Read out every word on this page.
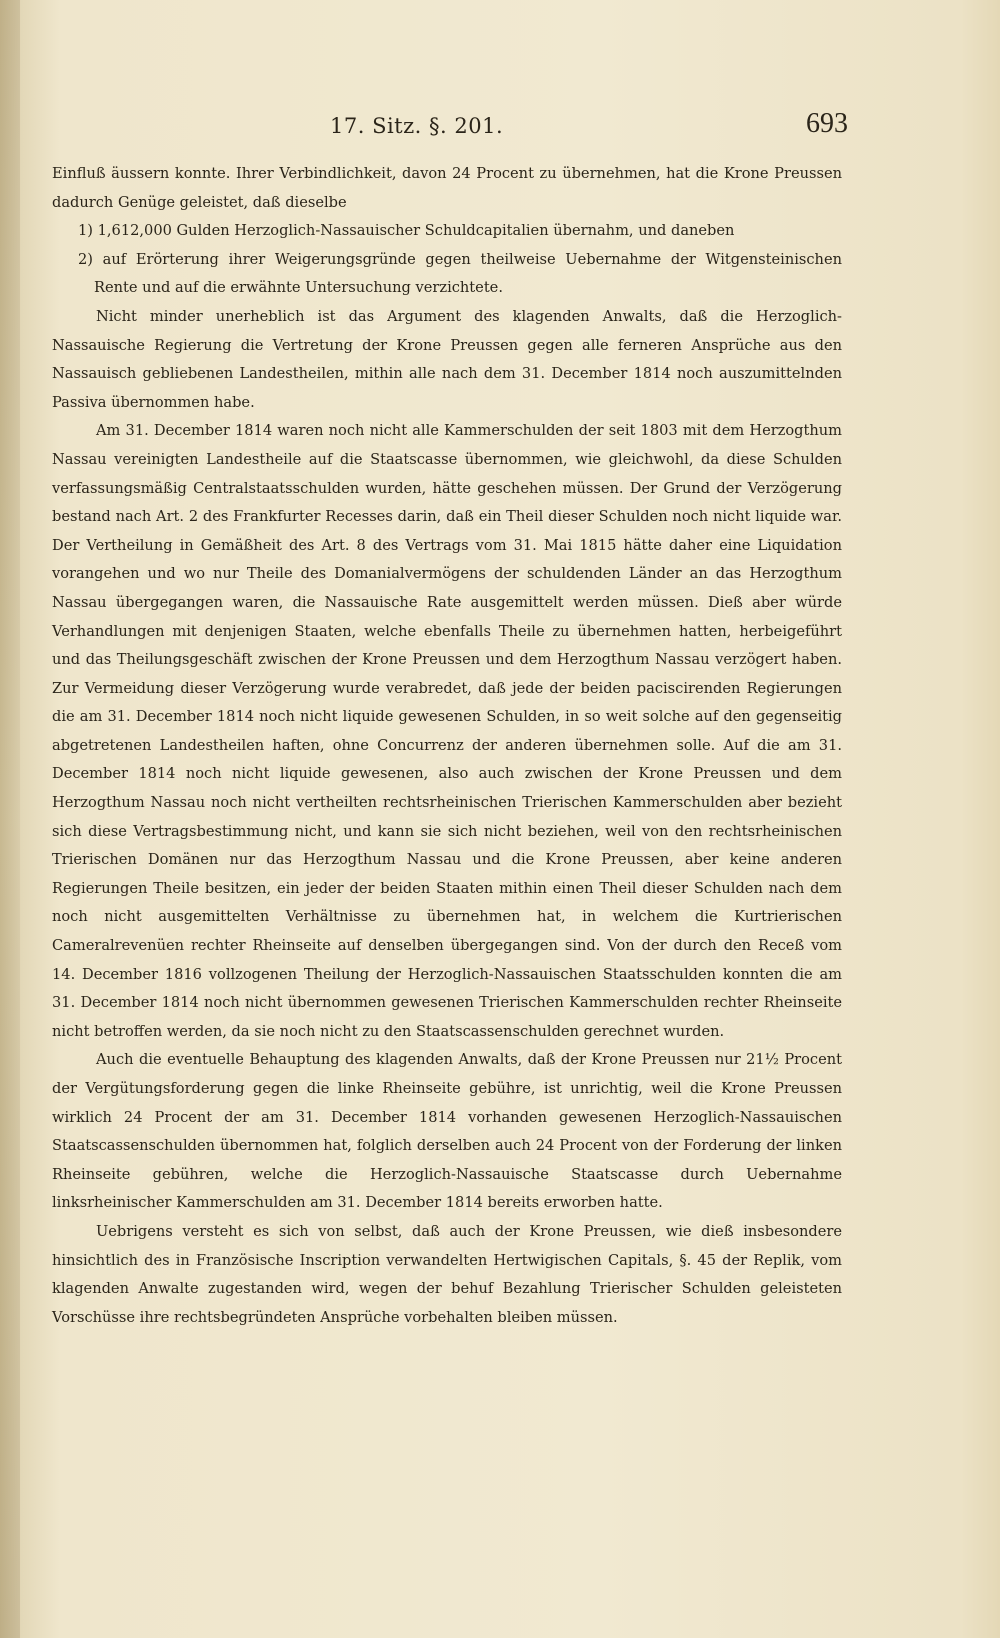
17. Sitz. §. 201.	693

Einfluß äussern konnte. Ihrer Verbindlichkeit, davon 24 Procent zu übernehmen, hat die Krone Preussen dadurch Genüge geleistet, daß dieselbe

1) 1,612,000 Gulden Herzoglich-Nassauischer Schuldcapitalien übernahm, und daneben

2) auf Erörterung ihrer Weigerungsgründe gegen theilweise Uebernahme der Witgensteinischen Rente und auf die erwähnte Untersuchung verzichtete.

Nicht minder unerheblich ist das Argument des klagenden Anwalts, daß die Herzoglich-Nassauische Regierung die Vertretung der Krone Preussen gegen alle ferneren Ansprüche aus den Nassauisch gebliebenen Landestheilen, mithin alle nach dem 31. December 1814 noch auszumittelnden Passiva übernommen habe.

Am 31. December 1814 waren noch nicht alle Kammerschulden der seit 1803 mit dem Herzogthum Nassau vereinigten Landestheile auf die Staatscasse übernommen, wie gleichwohl, da diese Schulden verfassungsmäßig Centralstaatsschulden wurden, hätte geschehen müssen. Der Grund der Verzögerung bestand nach Art. 2 des Frankfurter Recesses darin, daß ein Theil dieser Schulden noch nicht liquide war. Der Vertheilung in Gemäßheit des Art. 8 des Vertrags vom 31. Mai 1815 hätte daher eine Liquidation vorangehen und wo nur Theile des Domanialvermögens der schuldenden Länder an das Herzogthum Nassau übergegangen waren, die Nassauische Rate ausgemittelt werden müssen. Dieß aber würde Verhandlungen mit denjenigen Staaten, welche ebenfalls Theile zu übernehmen hatten, herbeigeführt und das Theilungsgeschäft zwischen der Krone Preussen und dem Herzogthum Nassau verzögert haben. Zur Vermeidung dieser Verzögerung wurde verabredet, daß jede der beiden paciscirenden Regierungen die am 31. December 1814 noch nicht liquide gewesenen Schulden, in so weit solche auf den gegenseitig abgetretenen Landestheilen haften, ohne Concurrenz der anderen übernehmen solle. Auf die am 31. December 1814 noch nicht liquide gewesenen, also auch zwischen der Krone Preussen und dem Herzogthum Nassau noch nicht vertheilten rechtsrheinischen Trierischen Kammerschulden aber bezieht sich diese Vertragsbestimmung nicht, und kann sie sich nicht beziehen, weil von den rechtsrheinischen Trierischen Domänen nur das Herzogthum Nassau und die Krone Preussen, aber keine anderen Regierungen Theile besitzen, ein jeder der beiden Staaten mithin einen Theil dieser Schulden nach dem noch nicht ausgemittelten Verhältnisse zu übernehmen hat, in welchem die Kurtrierischen Cameralrevenüen rechter Rheinseite auf denselben übergegangen sind. Von der durch den Receß vom 14. December 1816 vollzogenen Theilung der Herzoglich-Nassauischen Staatsschulden konnten die am 31. December 1814 noch nicht übernommen gewesenen Trierischen Kammerschulden rechter Rheinseite nicht betroffen werden, da sie noch nicht zu den Staatscassenschulden gerechnet wurden.

Auch die eventuelle Behauptung des klagenden Anwalts, daß der Krone Preussen nur 21½ Procent der Vergütungsforderung gegen die linke Rheinseite gebühre, ist unrichtig, weil die Krone Preussen wirklich 24 Procent der am 31. December 1814 vorhanden gewesenen Herzoglich-Nassauischen Staatscassenschulden übernommen hat, folglich derselben auch 24 Procent von der Forderung der linken Rheinseite gebühren, welche die Herzoglich-Nassauische Staatscasse durch Uebernahme linksrheinischer Kammerschulden am 31. December 1814 bereits erworben hatte.

Uebrigens versteht es sich von selbst, daß auch der Krone Preussen, wie dieß insbesondere hinsichtlich des in Französische Inscription verwandelten Hertwigischen Capitals, §. 45 der Replik, vom klagenden Anwalte zugestanden wird, wegen der behuf Bezahlung Trierischer Schulden geleisteten Vorschüsse ihre rechtsbegründeten Ansprüche vorbehalten bleiben müssen.
